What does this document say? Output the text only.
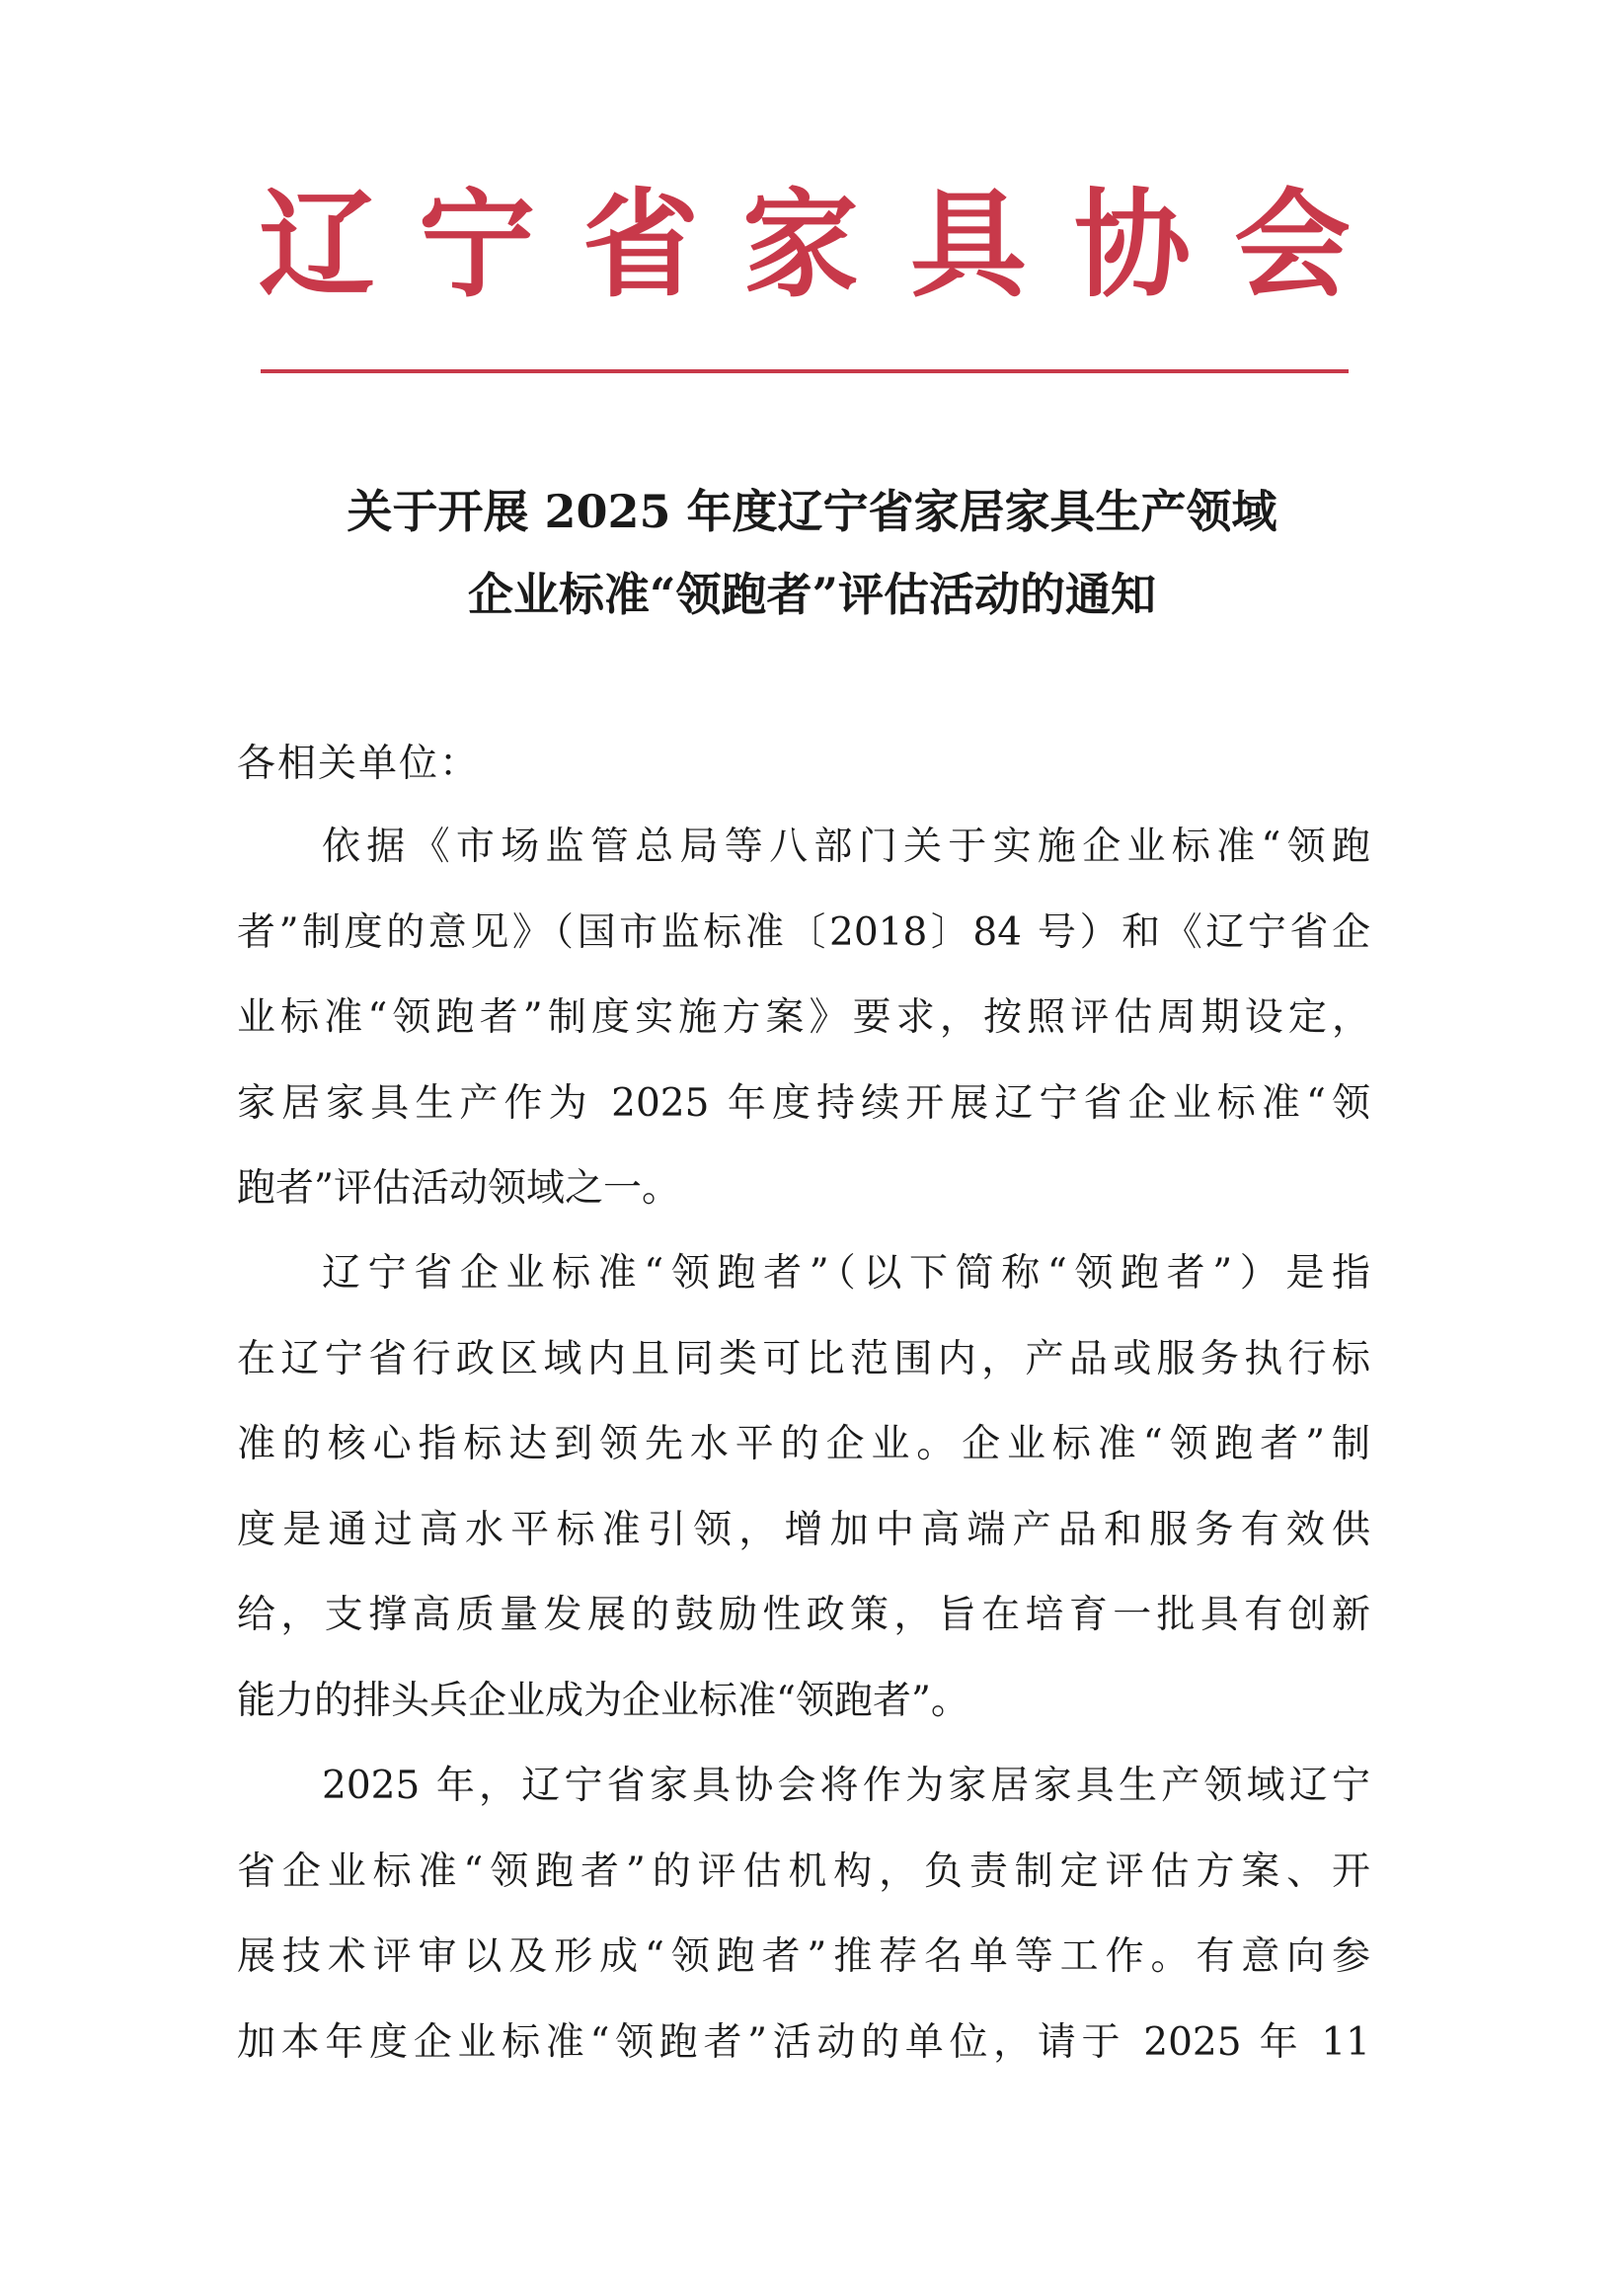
辽 宁 省 家 具 协 会
关于开展 2025 年度辽宁省家居家具生产领域
企业标准“领跑者”评估活动的通知
各相关单位：
依据《市场监管总局等八部门关于实施企业标准“领跑
者”制度的意见》（国市监标准〔2018〕84 号）和《辽宁省企
业标准“领跑者”制度实施方案》要求，按照评估周期设定，
家居家具生产作为 2025 年度持续开展辽宁省企业标准“领
跑者”评估活动领域之一。
辽宁省企业标准“领跑者”（以下简称“领跑者”）是指
在辽宁省行政区域内且同类可比范围内，产品或服务执行标
准的核心指标达到领先水平的企业。企业标准“领跑者”制
度是通过高水平标准引领，增加中高端产品和服务有效供
给，支撑高质量发展的鼓励性政策，旨在培育一批具有创新
能力的排头兵企业成为企业标准“领跑者”。
2025 年，辽宁省家具协会将作为家居家具生产领域辽宁
省企业标准“领跑者”的评估机构，负责制定评估方案、开
展技术评审以及形成“领跑者”推荐名单等工作。有意向参
加本年度企业标准“领跑者”活动的单位，请于 2025 年 11
